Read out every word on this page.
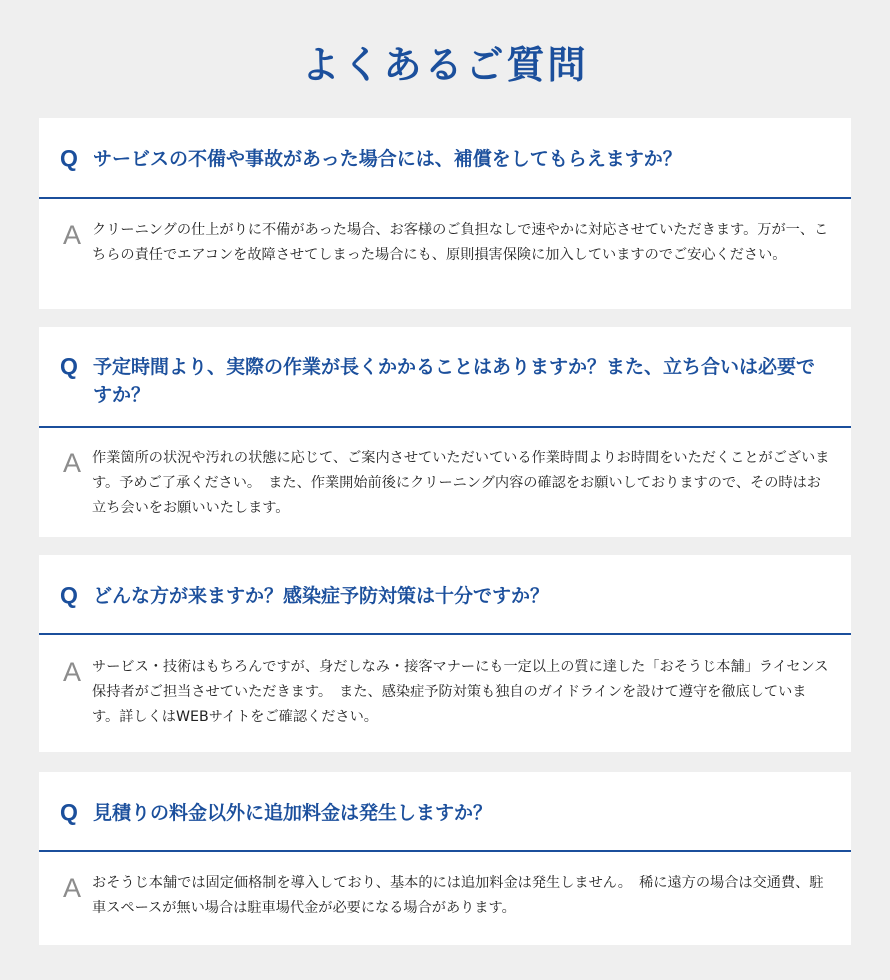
よくあるご質問
Q サービスの不備や事故があった場合には、補償をしてもらえますか？

A クリーニングの仕上がりに不備があった場合、お客様のご負担なしで速やかに対応させていただきます。万が一、こちらの責任でエアコンを故障させてしまった場合にも、原則損害保険に加入していますのでご安心ください。

Q 予定時間より、実際の作業が長くかかることはありますか？また、立ち合いは必要ですか？

A 作業箇所の状況や汚れの状態に応じて、ご案内させていただいている作業時間よりお時間をいただくことがございます。予めご了承ください。　また、作業開始前後にクリーニング内容の確認をお願いしておりますので、その時はお立ち会いをお願いいたします。

Q どんな方が来ますか？感染症予防対策は十分ですか？

A サービス・技術はもちろんですが、身だしなみ・接客マナーにも一定以上の質に達した「おそうじ本舗」ライセンス保持者がご担当させていただきます。　また、感染症予防対策も独自のガイドラインを設けて遵守を徹底しています。詳しくはWEBサイトをご確認ください。

Q 見積りの料金以外に追加料金は発生しますか？

A おそうじ本舗では固定価格制を導入しており、基本的には追加料金は発生しません。　稀に遠方の場合は交通費、駐車スペースが無い場合は駐車場代金が必要になる場合があります。
